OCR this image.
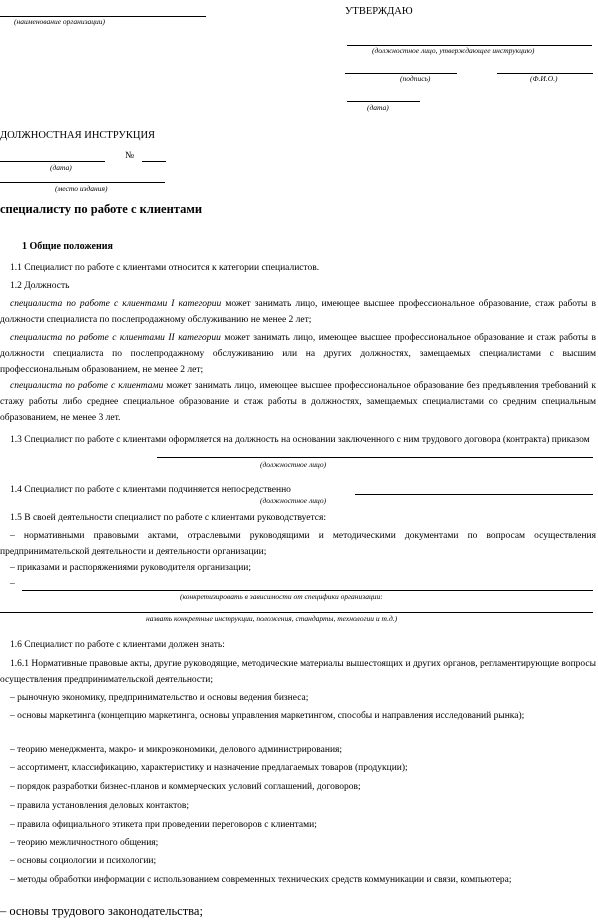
(наименование организации)
УТВЕРЖДАЮ
(должностное лицо, утверждающее инструкцию)
(подпись)	(Ф.И.О.)
(дата)
ДОЛЖНОСТНАЯ ИНСТРУКЦИЯ
№
(дата)
(место издания)
специалисту по работе с клиентами
1 Общие положения
1.1 Специалист по работе с клиентами относится к категории специалистов.
1.2 Должность
специалиста по работе с клиентами I категории может занимать лицо, имеющее высшее профессиональное образование, стаж работы в должности специалиста по послепродажному обслуживанию не менее 2 лет;
специалиста по работе с клиентами II категории может занимать лицо, имеющее высшее профессиональное образование и стаж работы в должности специалиста по послепродажному обслуживанию или на других должностях, замещаемых специалистами с высшим профессиональным образованием, не менее 2 лет;
специалиста по работе с клиентами может занимать лицо, имеющее высшее профессиональное образование без предъявления требований к стажу работы либо среднее специальное образование и стаж работы в должностях, замещаемых специалистами со средним специальным образованием, не менее 3 лет.
1.3 Специалист по работе с клиентами оформляется на должность на основании заключенного с ним трудового договора (контракта) приказом
(должностное лицо)
1.4 Специалист по работе с клиентами подчиняется непосредственно
(должностное лицо)
1.5 В своей деятельности специалист по работе с клиентами руководствуется:
– нормативными правовыми актами, отраслевыми руководящими и методическими документами по вопросам осуществления предпринимательской деятельности и деятельности организации;
– приказами и распоряжениями руководителя организации;
–
(конкретизировать в зависимости от специфики организации:
назвать конкретные инструкции, положения, стандарты, технологии и т.д.)
1.6 Специалист по работе с клиентами должен знать:
1.6.1 Нормативные правовые акты, другие руководящие, методические материалы вышестоящих и других органов, регламентирующие вопросы осуществления предпринимательской деятельности;
– рыночную экономику, предпринимательство и основы ведения бизнеса;
– основы маркетинга (концепцию маркетинга, основы управления маркетингом, способы и направления исследований рынка);
– теорию менеджмента, макро- и микроэкономики, делового администрирования;
– ассортимент, классификацию, характеристику и назначение предлагаемых товаров (продукции);
– порядок разработки бизнес-планов и коммерческих условий соглашений, договоров;
– правила установления деловых контактов;
– правила официального этикета при проведении переговоров с клиентами;
– теорию межличностного общения;
– основы социологии и психологии;
– методы обработки информации с использованием современных технических средств коммуникации и связи, компьютера;
– основы трудового законодательства;
